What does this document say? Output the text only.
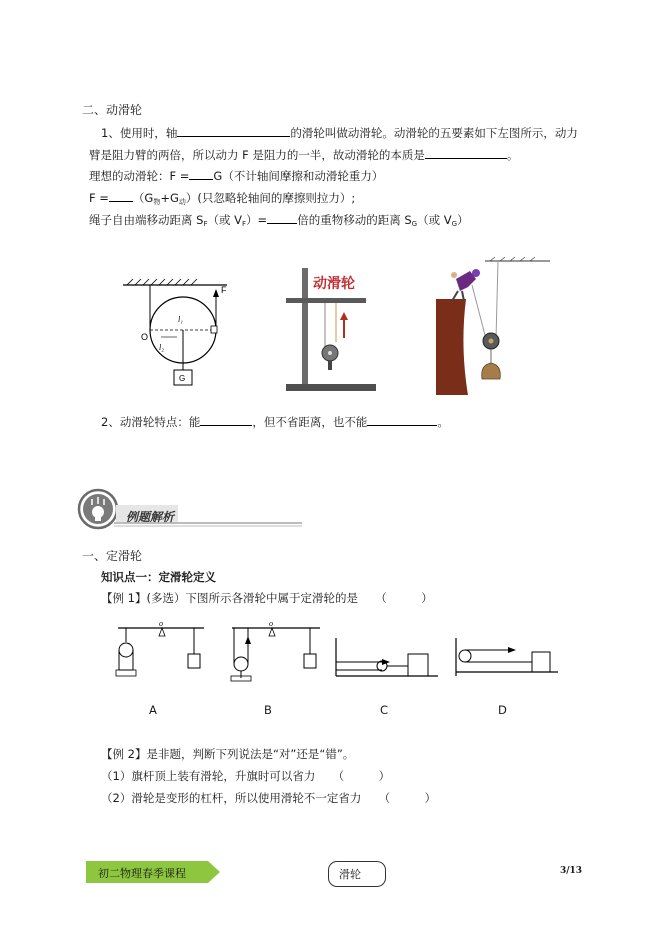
二、动滑轮
1、使用时，轴	的滑轮叫做动滑轮。动滑轮的五要素如下左图所示，动力
臂是阻力臂的两倍，所以动力 F 是阻力的一半，故动滑轮的本质是	。
理想的动滑轮：F = G（不计轴间摩擦和动滑轮重力）
$F = (G_物+G_动)$(只忽略轮轴间的摩擦则拉力）;
绳子自由端移动距离 $S_F$（或 $V_F)=$	倍的重物移动的距离 $S_G$（或 $V_G$）
F
O
l₂
l₁
G
动滑轮
2、动滑轮特点：能	，但不省距离，也不能	。
例题解析
一、定滑轮
知识点一：定滑轮定义
【例 1】(多选）下图所示各滑轮中属于定滑轮的是　　（　　　）
o	o
A	B	C	D
【例 2】是非题，判断下列说法是“对”还是“错”。
（1）旗杆顶上装有滑轮，升旗时可以省力　　（　　　）
（2）滑轮是变形的杠杆，所以使用滑轮不一定省力　　（　　　）
初二物理春季课程	滑轮	3/13
